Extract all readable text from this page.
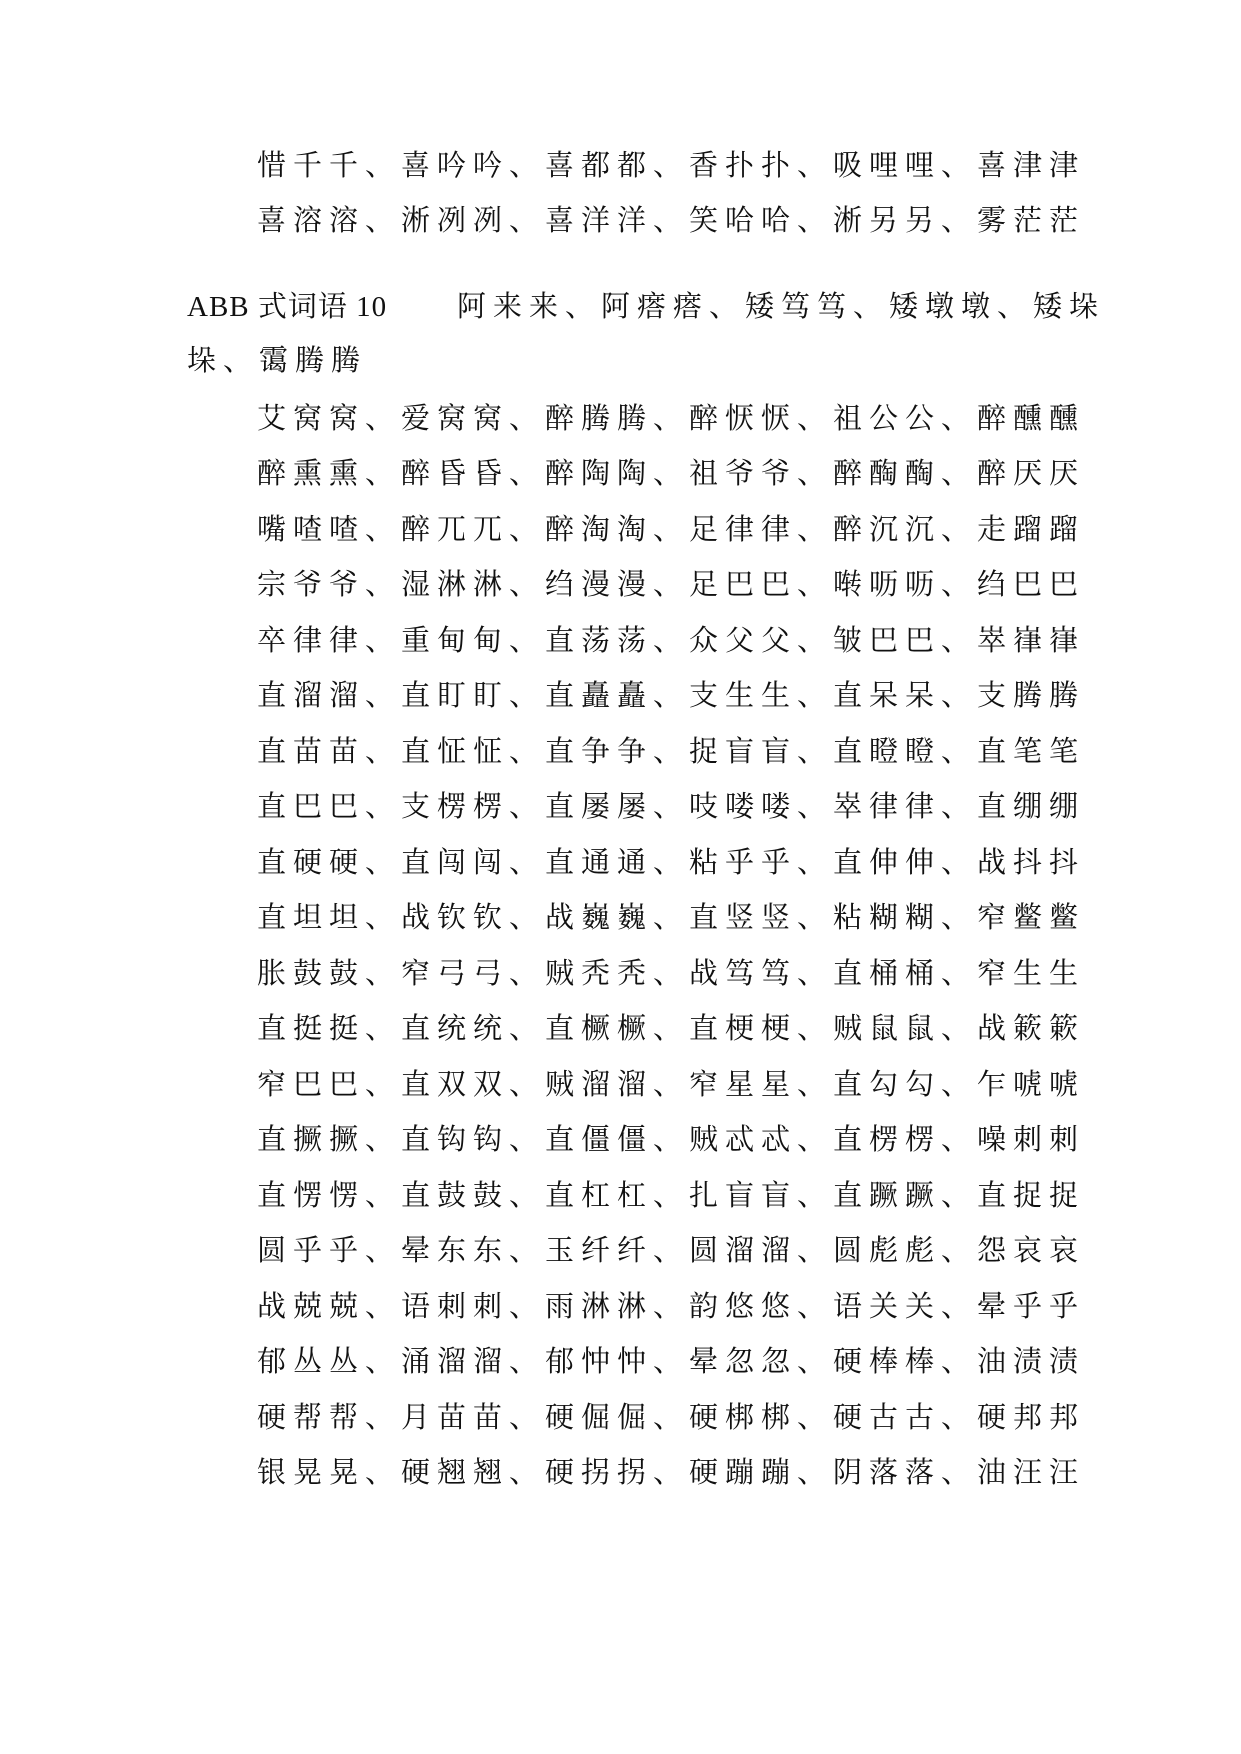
惜千千、喜吟吟、喜都都、香扑扑、吸哩哩、喜津津
喜溶溶、淅冽冽、喜洋洋、笑哈哈、淅另另、雾茫茫
ABB 式词语 10 阿来来、阿瘩瘩、矮笃笃、矮墩墩、矮垛
垛、霭腾腾
艾窝窝、爱窝窝、醉腾腾、醉恹恹、祖公公、醉醺醺
醉熏熏、醉昏昏、醉陶陶、祖爷爷、醉醄醄、醉厌厌
嘴喳喳、醉兀兀、醉淘淘、足律律、醉沉沉、走蹓蹓
宗爷爷、湿淋淋、绉漫漫、足巴巴、啭呖呖、绉巴巴
卒律律、重甸甸、直荡荡、众父父、皱巴巴、崒嵂嵂
直溜溜、直盯盯、直矗矗、支生生、直呆呆、支腾腾
直苗苗、直怔怔、直争争、捉盲盲、直瞪瞪、直笔笔
直巴巴、支楞楞、直屡屡、吱喽喽、崒律律、直绷绷
直硬硬、直闯闯、直通通、粘乎乎、直伸伸、战抖抖
直坦坦、战钦钦、战巍巍、直竖竖、粘糊糊、窄鳖鳖
胀鼓鼓、窄弓弓、贼秃秃、战笃笃、直桶桶、窄生生
直挺挺、直统统、直橛橛、直梗梗、贼鼠鼠、战簌簌
窄巴巴、直双双、贼溜溜、窄星星、直勾勾、乍唬唬
直撅撅、直钩钩、直僵僵、贼忒忒、直楞楞、噪刺刺
直愣愣、直鼓鼓、直杠杠、扎盲盲、直蹶蹶、直捉捉
圆乎乎、晕东东、玉纤纤、圆溜溜、圆彪彪、怨哀哀
战兢兢、语刺刺、雨淋淋、韵悠悠、语关关、晕乎乎
郁丛丛、涌溜溜、郁忡忡、晕忽忽、硬棒棒、油渍渍
硬帮帮、月苗苗、硬倔倔、硬梆梆、硬古古、硬邦邦
银晃晃、硬翘翘、硬拐拐、硬蹦蹦、阴落落、油汪汪
